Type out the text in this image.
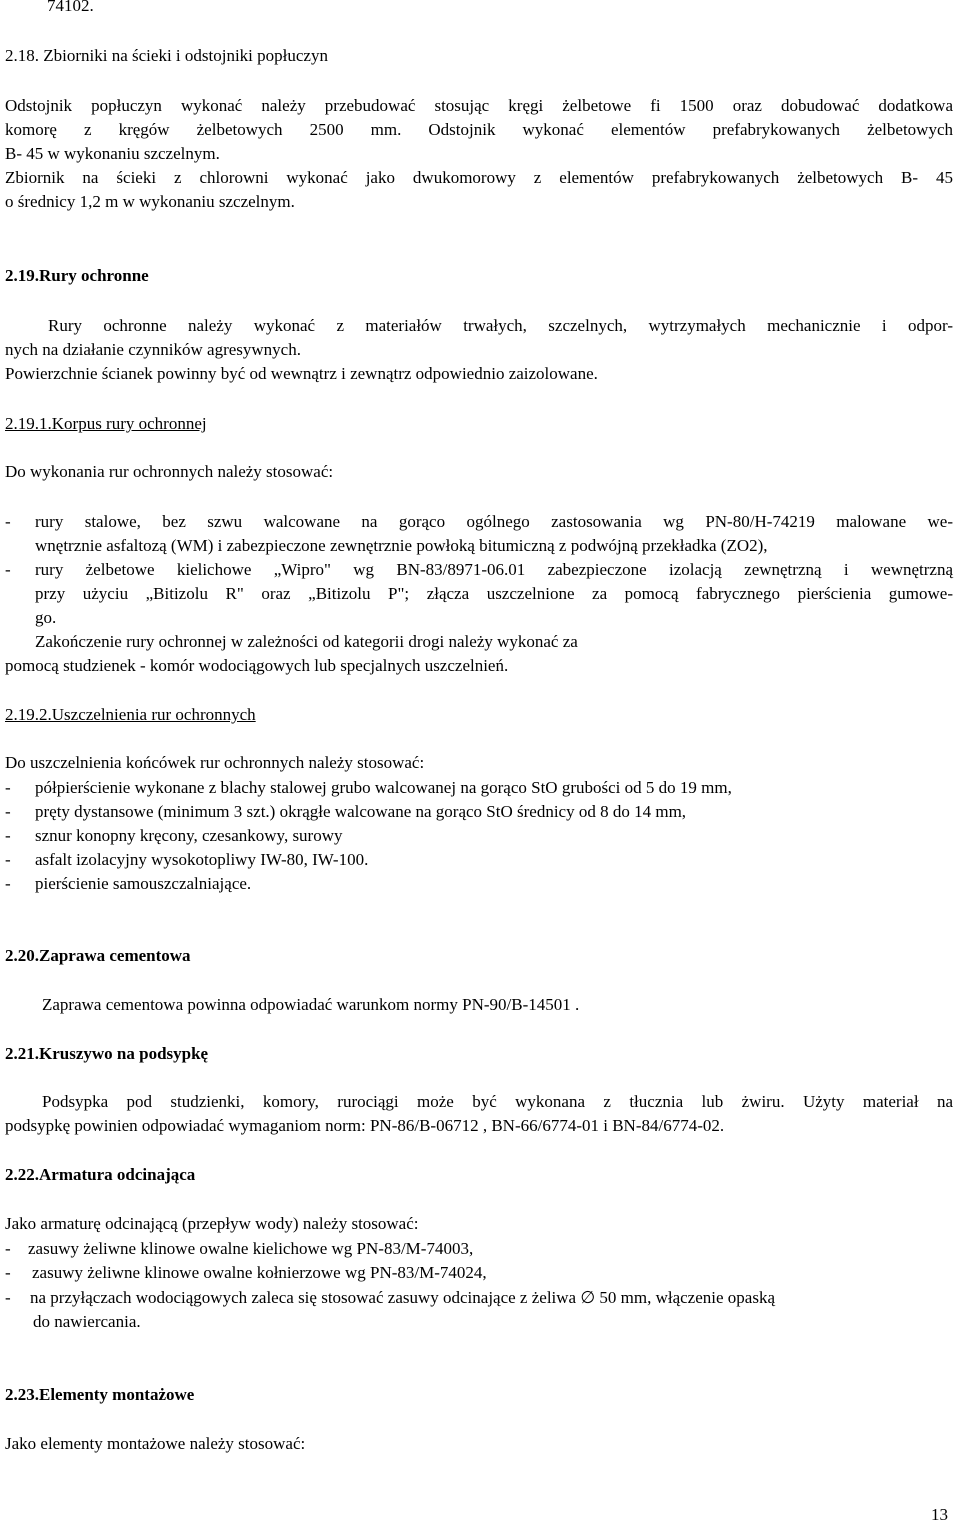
74102.
2.18. Zbiorniki na ścieki i odstojniki popłuczyn
Odstojnik popłuczyn wykonać należy przebudować stosując kręgi żelbetowe fi 1500 oraz dobudować dodatkowa
komorę z kręgów żelbetowych 2500 mm. Odstojnik wykonać elementów prefabrykowanych żelbetowych
B- 45 w wykonaniu szczelnym.
Zbiornik na ścieki z chlorowni wykonać jako dwukomorowy z elementów prefabrykowanych żelbetowych B- 45
o średnicy 1,2 m w wykonaniu szczelnym.
2.19.Rury ochronne
Rury ochronne należy wykonać z materiałów trwałych, szczelnych, wytrzymałych mechanicznie i odpor-
nych na działanie czynników agresywnych.
Powierzchnie ścianek powinny być od wewnątrz i zewnątrz odpowiednio zaizolowane.
2.19.1.Korpus rury ochronnej
Do wykonania rur ochronnych należy stosować:
- rury stalowe, bez szwu walcowane na gorąco ogólnego zastosowania wg PN-80/H-74219 malowane we-
wnętrznie asfaltozą (WM) i zabezpieczone zewnętrznie powłoką bitumiczną z podwójną przekładka (ZO2),
- rury żelbetowe kielichowe „Wipro" wg BN-83/8971-06.01 zabezpieczone izolacją zewnętrzną i wewnętrzną
przy użyciu „Bitizolu R" oraz „Bitizolu P"; złącza uszczelnione za pomocą fabrycznego pierścienia gumowe-
go.
Zakończenie rury ochronnej w zależności od kategorii drogi należy wykonać za
pomocą studzienek - komór wodociągowych lub specjalnych uszczelnień.
2.19.2.Uszczelnienia rur ochronnych
Do uszczelnienia końcówek rur ochronnych należy stosować:
- półpierścienie wykonane z blachy stalowej grubo walcowanej na gorąco StO grubości od 5 do 19 mm,
- pręty dystansowe (minimum 3 szt.) okrągłe walcowane na gorąco StO średnicy od 8 do 14 mm,
- sznur konopny kręcony, czesankowy, surowy
- asfalt izolacyjny wysokotopliwy IW-80, IW-100.
- pierścienie samouszczalniające.
2.20.Zaprawa cementowa
Zaprawa cementowa powinna odpowiadać warunkom normy PN-90/B-14501 .
2.21.Kruszywo na podsypkę
Podsypka pod studzienki, komory, rurociągi może być wykonana z tłucznia lub żwiru. Użyty materiał na
podsypkę powinien odpowiadać wymaganiom norm: PN-86/B-06712 , BN-66/6774-01 i BN-84/6774-02.
2.22.Armatura odcinająca
Jako armaturę odcinającą (przepływ wody) należy stosować:
- zasuwy żeliwne klinowe owalne kielichowe wg PN-83/M-74003,
- zasuwy żeliwne klinowe owalne kołnierzowe wg PN-83/M-74024,
- na przyłączach wodociągowych zaleca się stosować zasuwy odcinające z żeliwa ∅ 50 mm, włączenie opaską
do nawiercania.
2.23.Elementy montażowe
Jako elementy montażowe należy stosować:
13
